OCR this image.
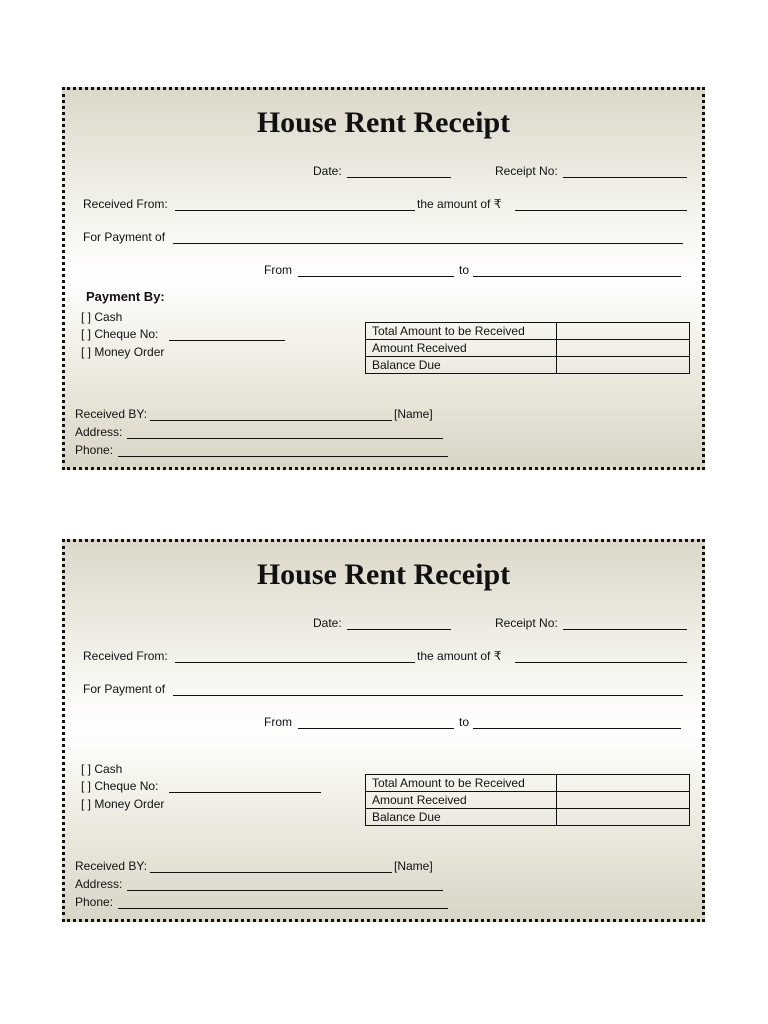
House Rent Receipt
Date:	Receipt No:
Received From:	the amount of ₹
For Payment of
From	to
Payment By:
[ ] Cash
[ ] Cheque No:
[ ] Money Order
Total Amount to be Received	
Amount Received	
Balance Due	
Received BY:	[Name]
Address:
Phone:
House Rent Receipt
Date:	Receipt No:
Received From:	the amount of ₹
For Payment of
From	to
[ ] Cash
[ ] Cheque No:
[ ] Money Order
Total Amount to be Received	
Amount Received	
Balance Due	
Received BY:	[Name]
Address:
Phone:
